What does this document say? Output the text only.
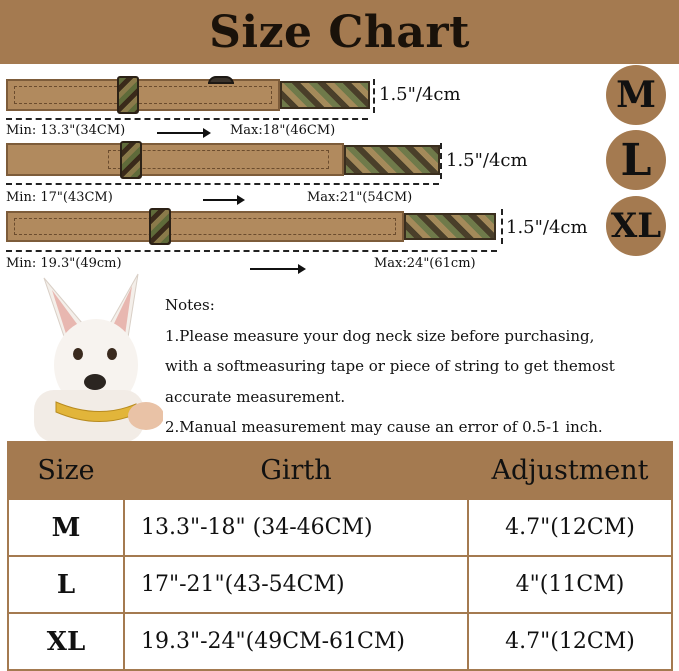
Size Chart
1.5"/4cm
Min: 13.3"(34CM)	Max:18"(46CM)
M
1.5"/4cm
Min: 17"(43CM)	Max:21"(54CM)
L
1.5"/4cm
Min: 19.3"(49cm)	Max:24"(61cm)
XL
Notes:
1.Please measure your dog neck size before purchasing,
with a softmeasuring tape or piece of string to get themost
accurate measurement.
2.Manual measurement may cause an error of 0.5-1 inch.
Size	Girth	Adjustment
M	13.3"-18" (34-46CM)	4.7"(12CM)
L	17"-21"(43-54CM)	4"(11CM)
XL	19.3"-24"(49CM-61CM)	4.7"(12CM)
